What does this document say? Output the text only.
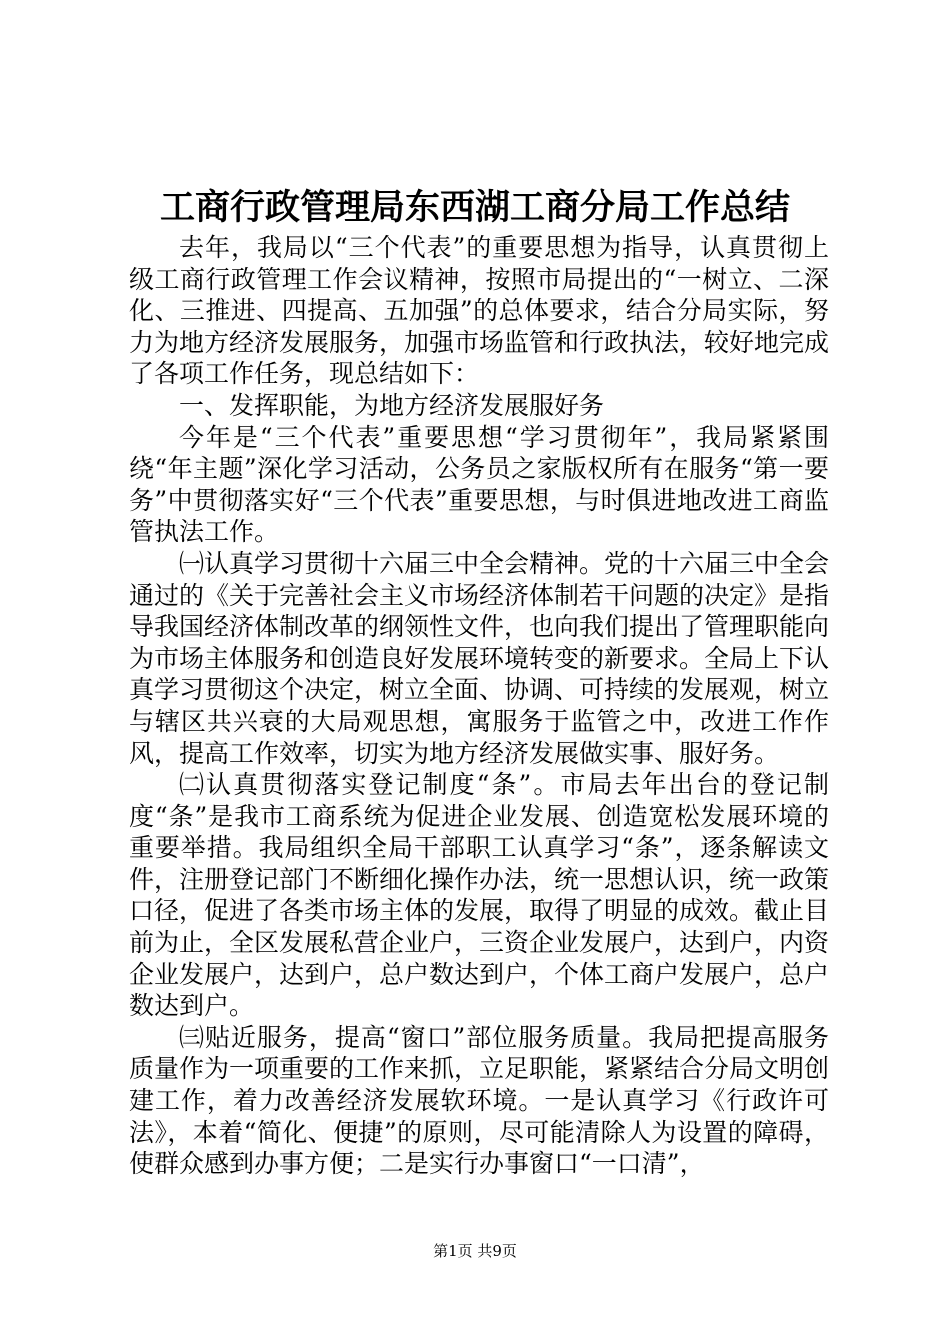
工商行政管理局东西湖工商分局工作总结

去年，我局以“三个代表”的重要思想为指导，认真贯彻上级工商行政管理工作会议精神，按照市局提出的“一树立、二深化、三推进、四提高、五加强”的总体要求，结合分局实际，努力为地方经济发展服务，加强市场监管和行政执法，较好地完成了各项工作任务，现总结如下：

一、发挥职能，为地方经济发展服好务

今年是“三个代表”重要思想“学习贯彻年”，我局紧紧围绕“年主题”深化学习活动，公务员之家版权所有在服务“第一要务”中贯彻落实好“三个代表”重要思想，与时俱进地改进工商监管执法工作。

㈠认真学习贯彻十六届三中全会精神。党的十六届三中全会通过的《关于完善社会主义市场经济体制若干问题的决定》是指导我国经济体制改革的纲领性文件，也向我们提出了管理职能向为市场主体服务和创造良好发展环境转变的新要求。全局上下认真学习贯彻这个决定，树立全面、协调、可持续的发展观，树立与辖区共兴衰的大局观思想，寓服务于监管之中，改进工作作风，提高工作效率，切实为地方经济发展做实事、服好务。

㈡认真贯彻落实登记制度“条”。市局去年出台的登记制度“条”是我市工商系统为促进企业发展、创造宽松发展环境的重要举措。我局组织全局干部职工认真学习“条”，逐条解读文件，注册登记部门不断细化操作办法，统一思想认识，统一政策口径，促进了各类市场主体的发展，取得了明显的成效。截止目前为止，全区发展私营企业户，三资企业发展户，达到户，内资企业发展户，达到户，总户数达到户，个体工商户发展户，总户数达到户。

㈢贴近服务，提高“窗口”部位服务质量。我局把提高服务质量作为一项重要的工作来抓，立足职能，紧紧结合分局文明创建工作，着力改善经济发展软环境。一是认真学习《行政许可法》，本着“简化、便捷”的原则，尽可能清除人为设置的障碍，使群众感到办事方便；二是实行办事窗口“一口清”，

第1页 共9页
